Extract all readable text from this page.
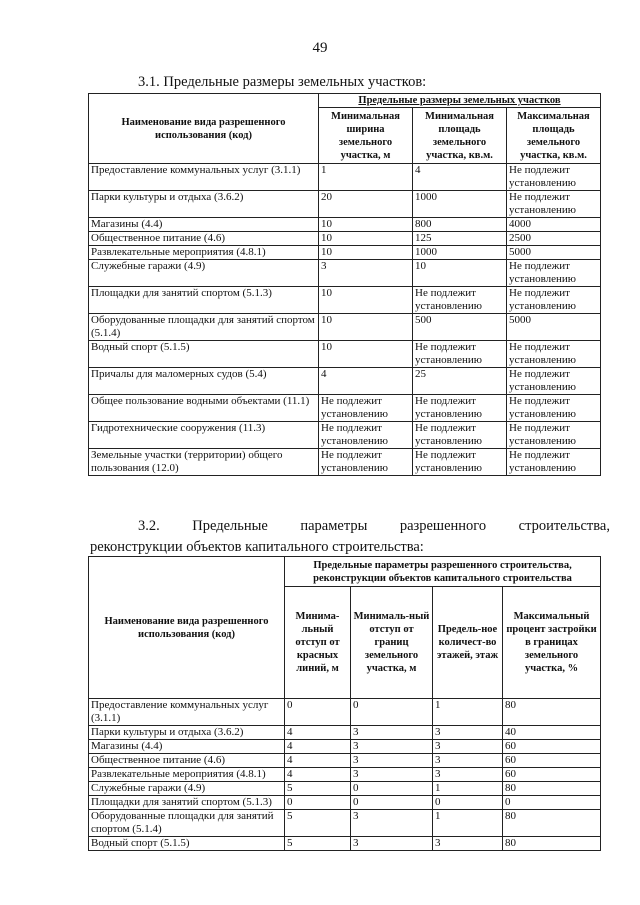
49
3.1. Предельные размеры земельных участков:
Наименование вида разрешенного использования (код)	Предельные размеры земельных участков		
	Минимальная ширина земельного участка, м	Минимальная площадь земельного участка, кв.м.	Максимальная площадь земельного участка, кв.м.
Предоставление коммунальных услуг (3.1.1)	1	4	Не подлежит установлению
Парки культуры и отдыха (3.6.2)	20	1000	Не подлежит установлению
Магазины (4.4)	10	800	4000
Общественное питание (4.6)	10	125	2500
Развлекательные мероприятия (4.8.1)	10	1000	5000
Служебные гаражи (4.9)	3	10	Не подлежит установлению
Площадки для занятий спортом (5.1.3)	10	Не подлежит установлению	Не подлежит установлению
Оборудованные площадки для занятий спортом (5.1.4)	10	500	5000
Водный спорт (5.1.5)	10	Не подлежит установлению	Не подлежит установлению
Причалы для маломерных судов (5.4)	4	25	Не подлежит установлению
Общее пользование водными объектами (11.1)	Не подлежит установлению	Не подлежит установлению	Не подлежит установлению
Гидротехнические сооружения (11.3)	Не подлежит установлению	Не подлежит установлению	Не подлежит установлению
Земельные участки (территории) общего пользования (12.0)	Не подлежит установлению	Не подлежит установлению	Не подлежит установлению
3.2. Предельные параметры разрешенного строительства,
реконструкции объектов капитального строительства:
Наименование вида разрешенного использования (код)	Предельные параметры разрешенного строительства, реконструкции объектов капитального строительства			
	Минима-льный отступ от красных линий, м	Минималь-ный отступ от границ земельного участка, м	Предель-ное количест-во этажей, этаж	Максимальный процент застройки в границах земельного участка, %
Предоставление коммунальных услуг (3.1.1)	0	0	1	80
Парки культуры и отдыха (3.6.2)	4	3	3	40
Магазины (4.4)	4	3	3	60
Общественное питание (4.6)	4	3	3	60
Развлекательные мероприятия (4.8.1)	4	3	3	60
Служебные гаражи (4.9)	5	0	1	80
Площадки для занятий спортом (5.1.3)	0	0	0	0
Оборудованные площадки для занятий спортом (5.1.4)	5	3	1	80
Водный спорт (5.1.5)	5	3	3	80
